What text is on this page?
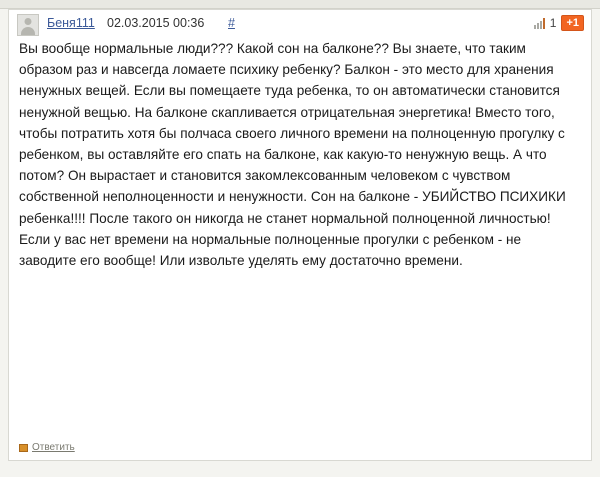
Беня111 02.03.2015 00:36 #	1 +1
Вы вообще нормальные люди??? Какой сон на балконе?? Вы знаете, что таким образом раз и навсегда ломаете психику ребенку? Балкон - это место для хранения ненужных вещей. Если вы помещаете туда ребенка, то он автоматически становится ненужной вещью. На балконе скапливается отрицательная энергетика! Вместо того, чтобы потратить хотя бы полчаса своего личного времени на полноценную прогулку с ребенком, вы оставляйте его спать на балконе, как какую-то ненужную вещь. А что потом? Он вырастает и становится закомлексованным человеком с чувством собственной неполноценности и ненужности. Сон на балконе - УБИЙСТВО ПСИХИКИ ребенка!!!! После такого он никогда не станет нормальной полноценной личностью! Если у вас нет времени на нормальные полноценные прогулки с ребенком - не заводите его вообще! Или извольте уделять ему достаточно времени.
Ответить
